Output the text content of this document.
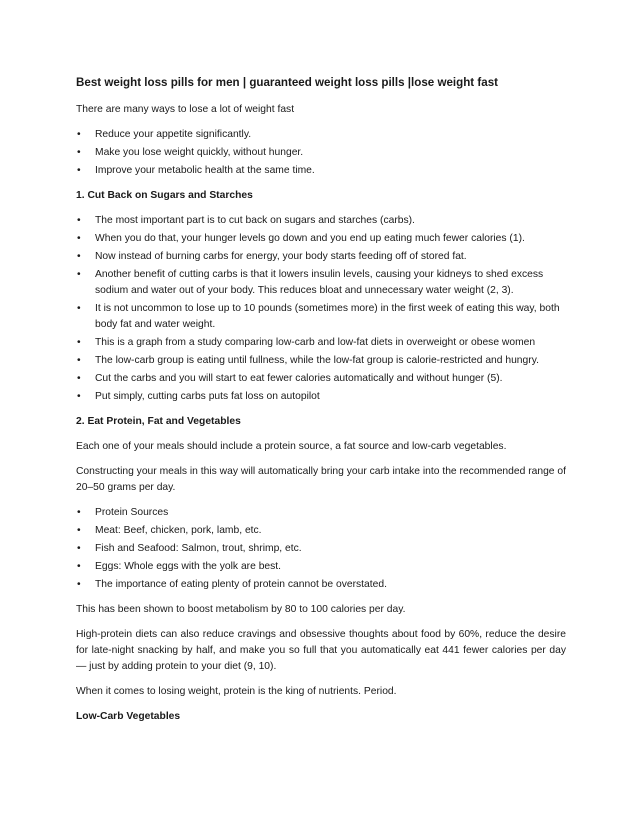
Best weight loss pills for men | guaranteed weight loss pills |lose weight fast

There are many ways to lose a lot of weight fast

• Reduce your appetite significantly.
• Make you lose weight quickly, without hunger.
• Improve your metabolic health at the same time.
1. Cut Back on Sugars and Starches
• The most important part is to cut back on sugars and starches (carbs).
• When you do that, your hunger levels go down and you end up eating much fewer calories (1).
• Now instead of burning carbs for energy, your body starts feeding off of stored fat.
• Another benefit of cutting carbs is that it lowers insulin levels, causing your kidneys to shed excess sodium and water out of your body. This reduces bloat and unnecessary water weight (2, 3).
• It is not uncommon to lose up to 10 pounds (sometimes more) in the first week of eating this way, both body fat and water weight.
• This is a graph from a study comparing low-carb and low-fat diets in overweight or obese women
• The low-carb group is eating until fullness, while the low-fat group is calorie-restricted and hungry.
• Cut the carbs and you will start to eat fewer calories automatically and without hunger (5).
• Put simply, cutting carbs puts fat loss on autopilot
2. Eat Protein, Fat and Vegetables

Each one of your meals should include a protein source, a fat source and low-carb vegetables.

Constructing your meals in this way will automatically bring your carb intake into the recommended range of 20–50 grams per day.

• Protein Sources
• Meat: Beef, chicken, pork, lamb, etc.
• Fish and Seafood: Salmon, trout, shrimp, etc.
• Eggs: Whole eggs with the yolk are best.
• The importance of eating plenty of protein cannot be overstated.

This has been shown to boost metabolism by 80 to 100 calories per day.

High-protein diets can also reduce cravings and obsessive thoughts about food by 60%, reduce the desire for late-night snacking by half, and make you so full that you automatically eat 441 fewer calories per day — just by adding protein to your diet (9, 10).

When it comes to losing weight, protein is the king of nutrients. Period.

Low-Carb Vegetables
